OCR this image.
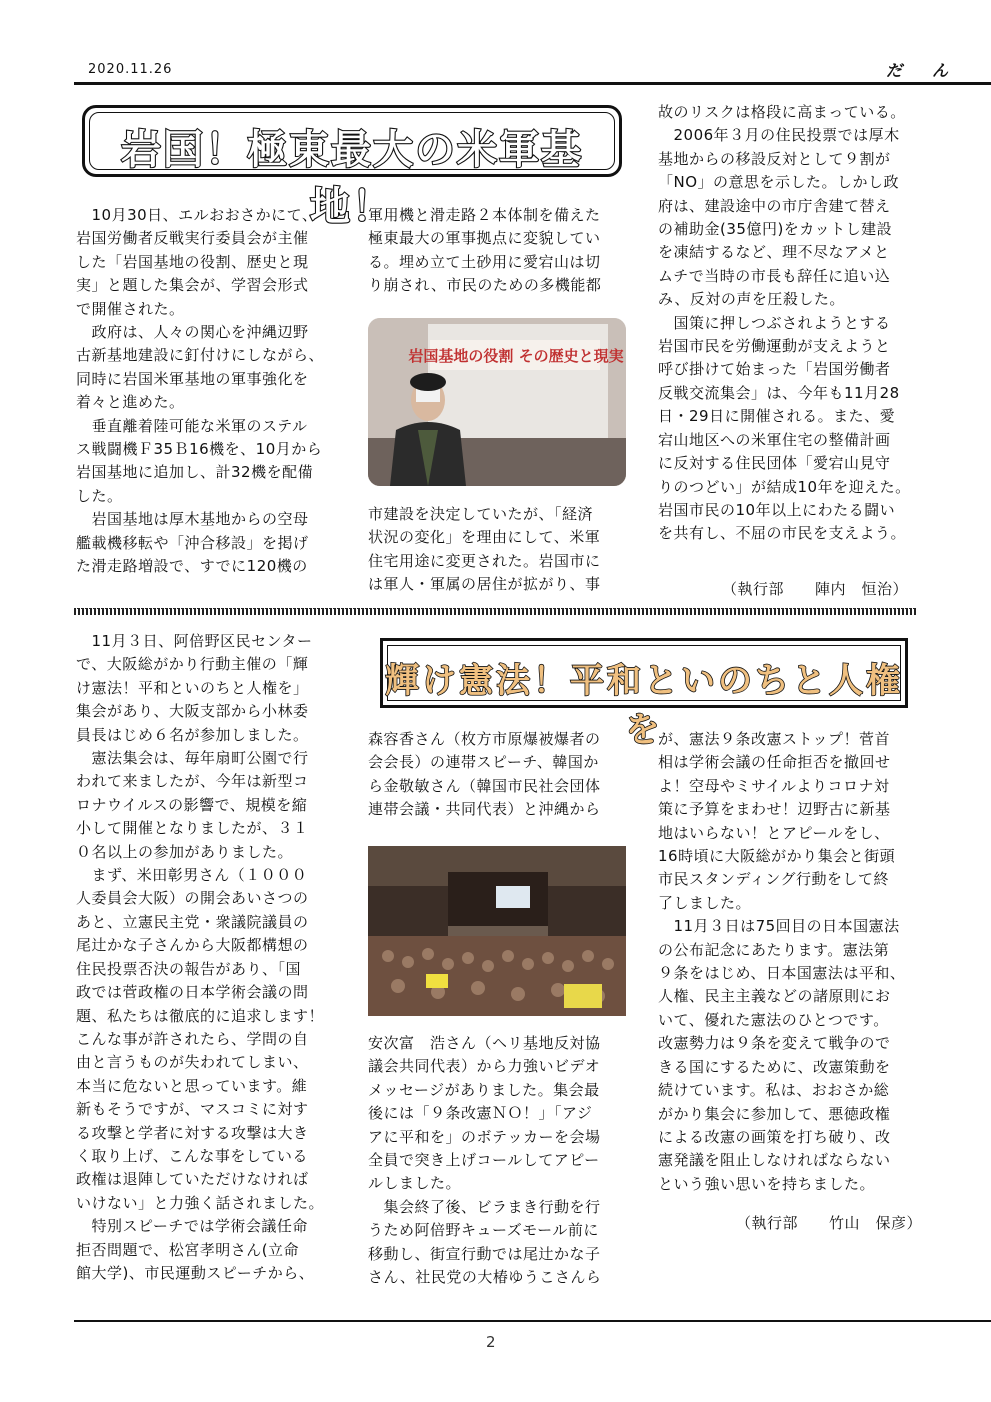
2020.11.26	だん
岩国！極東最大の米軍基地！
　10月30日、エルおおさかにて、
岩国労働者反戦実行委員会が主催
した「岩国基地の役割、歴史と現
実」と題した集会が、学習会形式
で開催された。
　政府は、人々の関心を沖縄辺野
古新基地建設に釘付けにしながら、
同時に岩国米軍基地の軍事強化を
着々と進めた。
　垂直離着陸可能な米軍のステル
ス戦闘機Ｆ35Ｂ16機を、10月から
岩国基地に追加し、計32機を配備
した。
　岩国基地は厚木基地からの空母
艦載機移転や「沖合移設」を掲げ
た滑走路増設で、すでに120機の
軍用機と滑走路２本体制を備えた
極東最大の軍事拠点に変貌してい
る。埋め立て土砂用に愛宕山は切
り崩され、市民のための多機能都
岩国基地の役割 その歴史と現実
市建設を決定していたが、「経済
状況の変化」を理由にして、米軍
住宅用途に変更された。岩国市に
は軍人・軍属の居住が拡がり、事
故のリスクは格段に高まっている。
　2006年３月の住民投票では厚木
基地からの移設反対として９割が
「NO」の意思を示した。しかし政
府は、建設途中の市庁舎建て替え
の補助金(35億円)をカットし建設
を凍結するなど、理不尽なアメと
ムチで当時の市長も辞任に追い込
み、反対の声を圧殺した。
　国策に押しつぶされようとする
岩国市民を労働運動が支えようと
呼び掛けて始まった「岩国労働者
反戦交流集会」は、今年も11月28
日・29日に開催される。また、愛
宕山地区への米軍住宅の整備計画
に反対する住民団体「愛宕山見守
りのつどい」が結成10年を迎えた。
岩国市民の10年以上にわたる闘い
を共有し、不屈の市民を支えよう。
（執行部　　陣内　恒治）
輝け憲法！平和といのちと人権を
　11月３日、阿倍野区民センター
で、大阪総がかり行動主催の「輝
け憲法！平和といのちと人権を」
集会があり、大阪支部から小林委
員長はじめ６名が参加しました。
　憲法集会は、毎年扇町公園で行
われて来ましたが、今年は新型コ
ロナウイルスの影響で、規模を縮
小して開催となりましたが、３１
０名以上の参加がありました。
　まず、米田彰男さん（１０００
人委員会大阪）の開会あいさつの
あと、立憲民主党・衆議院議員の
尾辻かな子さんから大阪都構想の
住民投票否決の報告があり、「国
政では菅政権の日本学術会議の問
題、私たちは徹底的に追求します！
こんな事が許されたら、学問の自
由と言うものが失われてしまい、
本当に危ないと思っています。維
新もそうですが、マスコミに対す
る攻撃と学者に対する攻撃は大き
く取り上げ、こんな事をしている
政権は退陣していただけなければ
いけない」と力強く話されました。
　特別スピーチでは学術会議任命
拒否問題で、松宮孝明さん(立命
館大学)、市民運動スピーチから、
森容香さん（枚方市原爆被爆者の
会会長）の連帯スピーチ、韓国か
ら金敬敏さん（韓国市民社会団体
連帯会議・共同代表）と沖縄から
安次富　浩さん（ヘリ基地反対協
議会共同代表）から力強いビデオ
メッセージがありました。集会最
後には「９条改憲ＮＯ！」「アジ
アに平和を」のボテッカーを会場
全員で突き上げコールしてアピー
ルしました。
　集会終了後、ビラまき行動を行
うため阿倍野キューズモール前に
移動し、街宣行動では尾辻かな子
さん、社民党の大椿ゆうこさんら
が、憲法９条改憲ストップ！菅首
相は学術会議の任命拒否を撤回せ
よ！空母やミサイルよりコロナ対
策に予算をまわせ！辺野古に新基
地はいらない！とアピールをし、
16時頃に大阪総がかり集会と街頭
市民スタンディング行動をして終
了しました。
　11月３日は75回目の日本国憲法
の公布記念にあたります。憲法第
９条をはじめ、日本国憲法は平和、
人権、民主主義などの諸原則にお
いて、優れた憲法のひとつです。
改憲勢力は９条を変えて戦争ので
きる国にするために、改憲策動を
続けています。私は、おおさか総
がかり集会に参加して、悪徳政権
による改憲の画策を打ち破り、改
憲発議を阻止しなければならない
という強い思いを持ちました。
（執行部　　竹山　保彦）
2
